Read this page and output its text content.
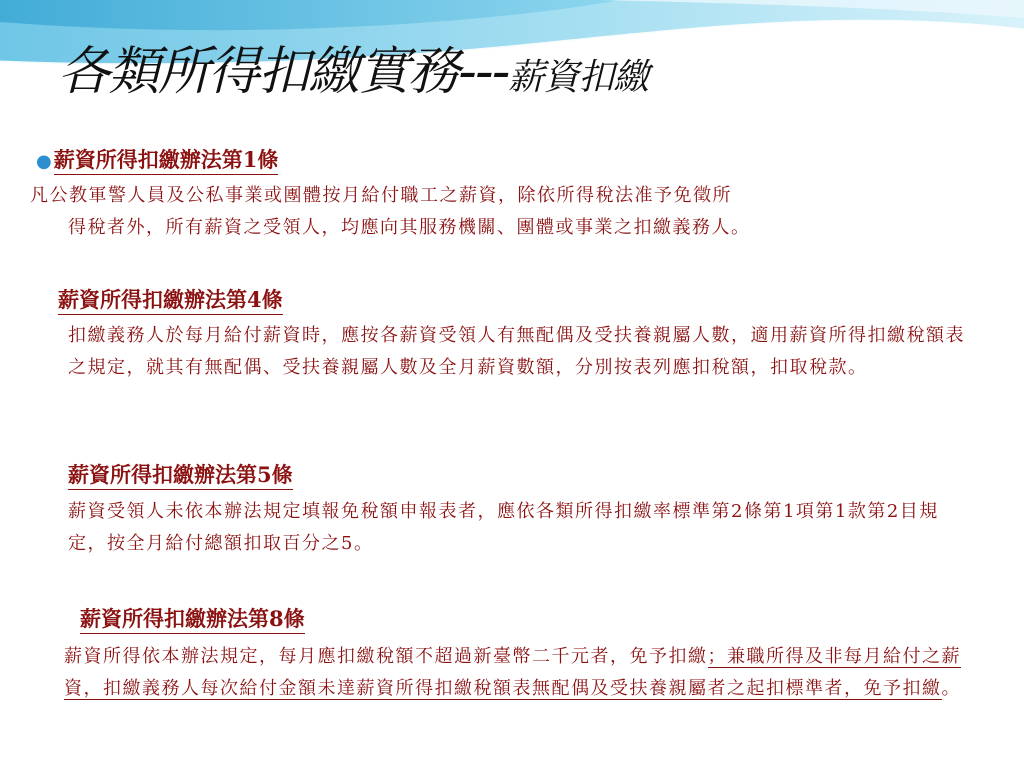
各類所得扣繳實務---薪資扣繳
●薪資所得扣繳辦法第1條

凡公教軍警人員及公私事業或團體按月給付職工之薪資，除依所得稅法准予免徵所
得稅者外，所有薪資之受領人，均應向其服務機關、團體或事業之扣繳義務人。

薪資所得扣繳辦法第4條

扣繳義務人於每月給付薪資時，應按各薪資受領人有無配偶及受扶養親屬人數，適用薪資所得扣繳稅額表之規定，就其有無配偶、受扶養親屬人數及全月薪資數額，分別按表列應扣稅額，扣取稅款。

薪資所得扣繳辦法第5條

薪資受領人未依本辦法規定填報免稅額申報表者，應依各類所得扣繳率標準第2條第1項第1款第2目規定，按全月給付總額扣取百分之5。

薪資所得扣繳辦法第8條

薪資所得依本辦法規定，每月應扣繳稅額不超過新臺幣二千元者，免予扣繳；兼職所得及非每月給付之薪資，扣繳義務人每次給付金額未達薪資所得扣繳稅額表無配偶及受扶養親屬者之起扣標準者，免予扣繳。
